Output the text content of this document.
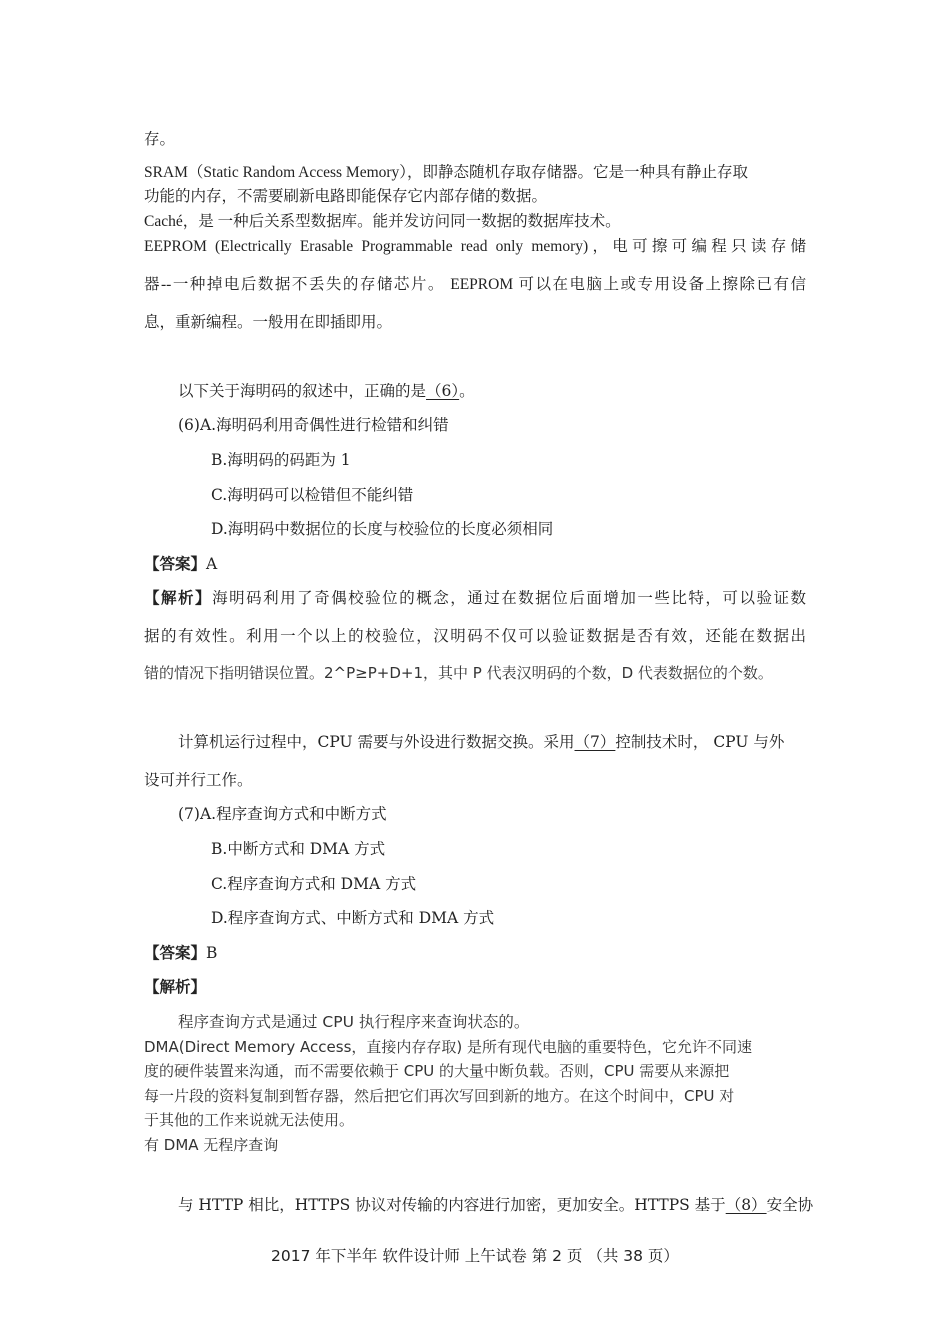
存。
SRAM（Static Random Access Memory），即静态随机存取存储器。它是一种具有静止存取
功能的内存，不需要刷新电路即能保存它内部存储的数据。
Caché，是 一种后关系型数据库。能并发访问同一数据的数据库技术。
EEPROM (Electrically Erasable Programmable read only memory)，电可擦可编程只读存储
器--一种掉电后数据不丢失的存储芯片。 EEPROM 可以在电脑上或专用设备上擦除已有信
息，重新编程。一般用在即插即用。
以下关于海明码的叙述中，正确的是（6）。
(6)A.海明码利用奇偶性进行检错和纠错
B.海明码的码距为 1
C.海明码可以检错但不能纠错
D.海明码中数据位的长度与校验位的长度必须相同
【答案】A
【解析】海明码利用了奇偶校验位的概念，通过在数据位后面增加一些比特，可以验证数
据的有效性。利用一个以上的校验位，汉明码不仅可以验证数据是否有效，还能在数据出
错的情况下指明错误位置。2^P≥P+D+1，其中 P 代表汉明码的个数，D 代表数据位的个数。
计算机运行过程中，CPU 需要与外设进行数据交换。采用（7）控制技术时， CPU 与外
设可并行工作。
(7)A.程序查询方式和中断方式
B.中断方式和 DMA 方式
C.程序查询方式和 DMA 方式
D.程序查询方式、中断方式和 DMA 方式
【答案】B
【解析】
程序查询方式是通过 CPU 执行程序来查询状态的。
DMA(Direct Memory Access，直接内存存取) 是所有现代电脑的重要特色，它允许不同速
度的硬件装置来沟通，而不需要依赖于 CPU 的大量中断负载。否则，CPU 需要从来源把
每一片段的资料复制到暂存器，然后把它们再次写回到新的地方。在这个时间中，CPU 对
于其他的工作来说就无法使用。
有 DMA 无程序查询
与 HTTP 相比，HTTPS 协议对传输的内容进行加密，更加安全。HTTPS 基于（8）安全协
2017 年下半年 软件设计师 上午试卷 第 2 页 （共 38 页）
